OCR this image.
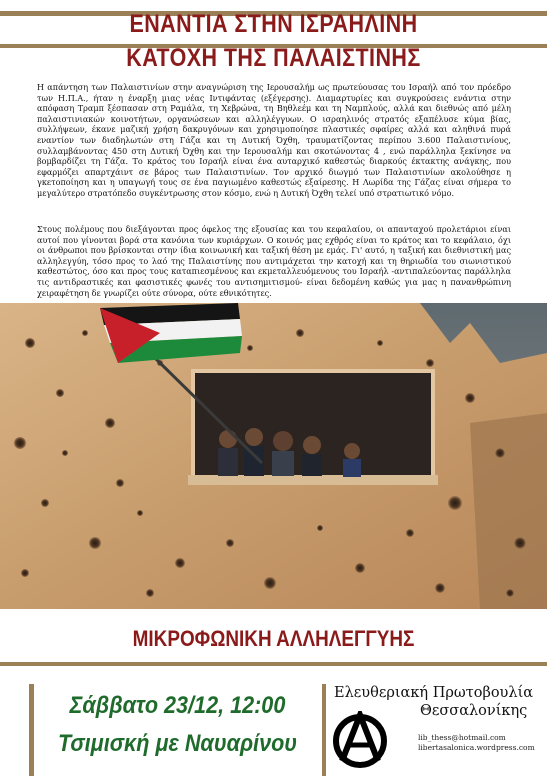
ΕΝΑΝΤΙΑ ΣΤΗΝ ΙΣΡΑΗΛΙΝΗ
ΚΑΤΟΧΗ ΤΗΣ ΠΑΛΑΙΣΤΙΝΗΣ

Η απάντηση των Παλαιστινίων στην αναγνώριση της Ιερουσαλήμ ως πρωτεύουσας του Ισραήλ από τον πρόεδρο των Η.Π.Α., ήταν η έναρξη μιας νέας Ιντιφάντας (εξέγερσης). Διαμαρτυρίες και συγκρούσεις ενάντια στην απόφαση Τραμπ ξέσπασαν στη Ραμάλα, τη Χεβρώνα, τη Βηθλεέμ και τη Ναμπλούς, αλλά και διεθνώς από μέλη παλαιστινιακών κοινοτήτων, οργανώσεων και αλληλέγγυων. Ο ισραηλινός στρατός εξαπέλυσε κύμα βίας, συλλήψεων, έκανε μαζική χρήση δακρυγόνων και χρησιμοποίησε πλαστικές σφαίρες αλλά και αληθινά πυρά εναντίον των διαδηλωτών στη Γάζα και τη Δυτική Όχθη, τραυματίζοντας περίπου 3.600 Παλαιστινίους, συλλαμβάνοντας 450 στη Δυτική Όχθη και την Ιερουσαλήμ και σκοτώνοντας 4 , ενώ παράλληλα ξεκίνησε να βομβαρδίζει τη Γάζα. Το κράτος του Ισραήλ είναι ένα αυταρχικό καθεστώς διαρκούς έκτακτης ανάγκης, που εφαρμόζει απαρτχάιντ σε βάρος των Παλαιστινίων. Τον αρχικό διωγμό των Παλαιστινίων ακολούθησε η γκετοποίηση και η υπαγωγή τους σε ένα παγιωμένο καθεστώς εξαίρεσης. Η Λωρίδα της Γάζας είναι σήμερα το μεγαλύτερο στρατόπεδο συγκέντρωσης στον κόσμο, ενώ η Δυτική Όχθη τελεί υπό στρατιωτικό νόμο.

Στους πολέμους που διεξάγονται προς όφελος της εξουσίας και του κεφαλαίου, οι απανταχού προλετάριοι είναι αυτοί που γίνονται βορά στα κανόνια των κυριάρχων. Ο κοινός μας εχθρός είναι το κράτος και το κεφάλαιο, όχι οι άνθρωποι που βρίσκονται στην ίδια κοινωνική και ταξική θέση με εμάς. Γι' αυτό, η ταξική και διεθνιστική μας αλληλεγγύη, τόσο προς το λαό της Παλαιστίνης που αντιμάχεται την κατοχή και τη θηριωδία του σιωνιστικού καθεστώτος, όσο και προς τους καταπιεσμένους και εκμεταλλευόμενους του Ισραήλ -αντιπαλεύοντας παράλληλα τις αντιδραστικές και φασιστικές φωνές του αντισημιτισμού- είναι δεδομένη καθώς για μας η πανανθρώπινη χειραφέτηση δε γνωρίζει ούτε σύνορα, ούτε εθνικότητες.

ΜΙΚΡΟΦΩΝΙΚΗ ΑΛΛΗΛΕΓΓΥΗΣ
Σάββατο 23/12, 12:00
Τσιμισκή με Ναυαρίνου
Ελευθεριακή Πρωτοβουλία
Θεσσαλονίκης
lib_thess@hotmail.com
libertasalonica.wordpress.com
